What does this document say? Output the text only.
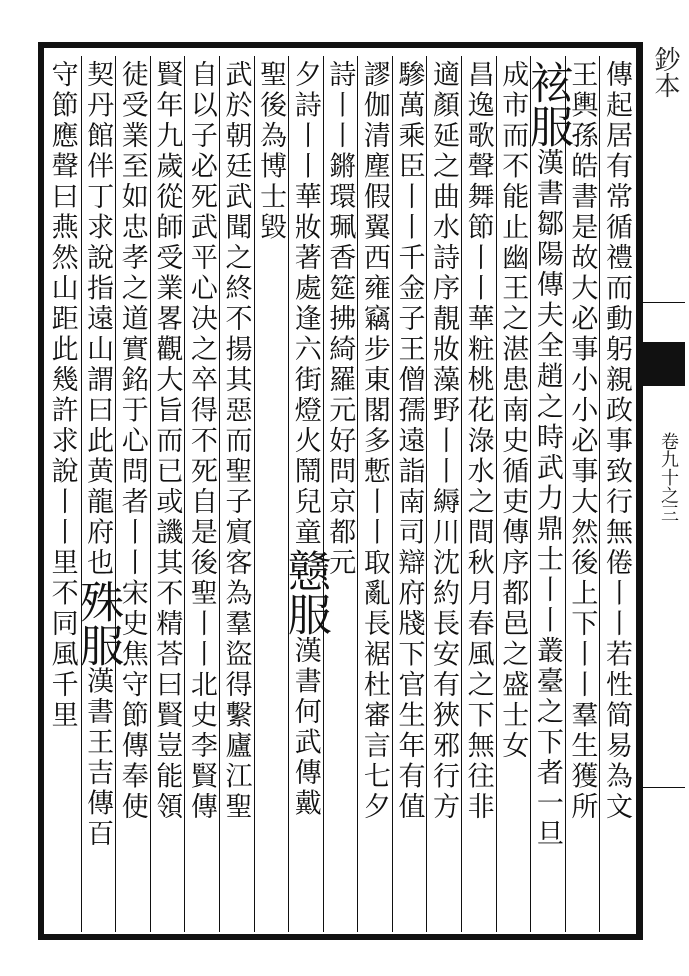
鈔本
卷九十之三
傳起居有常循禮而動躬親政事致行無倦丨丨若性简易為文
王輿孫皓書是故大必事小小必事大然後上下丨丨羣生獲所
袨服漢書鄒陽傳夫全趙之時武力鼎士丨丨叢臺之下者一旦
成市而不能止幽王之湛患南史循吏傳序都邑之盛士女
昌逸歌聲舞節丨丨華粧桃花淥水之間秋月春風之下無往非
適顏延之曲水詩序靚妝藻野丨丨縟川沈約長安有狹邪行方
驂萬乘臣丨丨千金子王僧孺遠詣南司辯府牋下官生年有值
謬伽清塵假翼西雍竊步東閣多慙丨丨取亂長裾杜審言七夕
詩丨丨鏘環珮香筵拂綺羅元好問京都元
夕詩丨丨華妝著處逢六街燈火鬧兒童戆服漢書何武傳戴
聖後為博士毀
武於朝廷武聞之終不揚其惡而聖子賔客為羣盜得繫廬江聖
自以子必死武平心决之卒得不死自是後聖丨丨北史李賢傳
賢年九歲從師受業畧觀大旨而已或譏其不精荅曰賢豈能領
徒受業至如忠孝之道實銘于心問者丨丨宋史焦守節傳奉使
契丹館伴丁求說指遠山謂曰此黄龍府也殊服漢書王吉傳百
守節應聲曰燕然山距此幾許求說丨丨里不同風千里
